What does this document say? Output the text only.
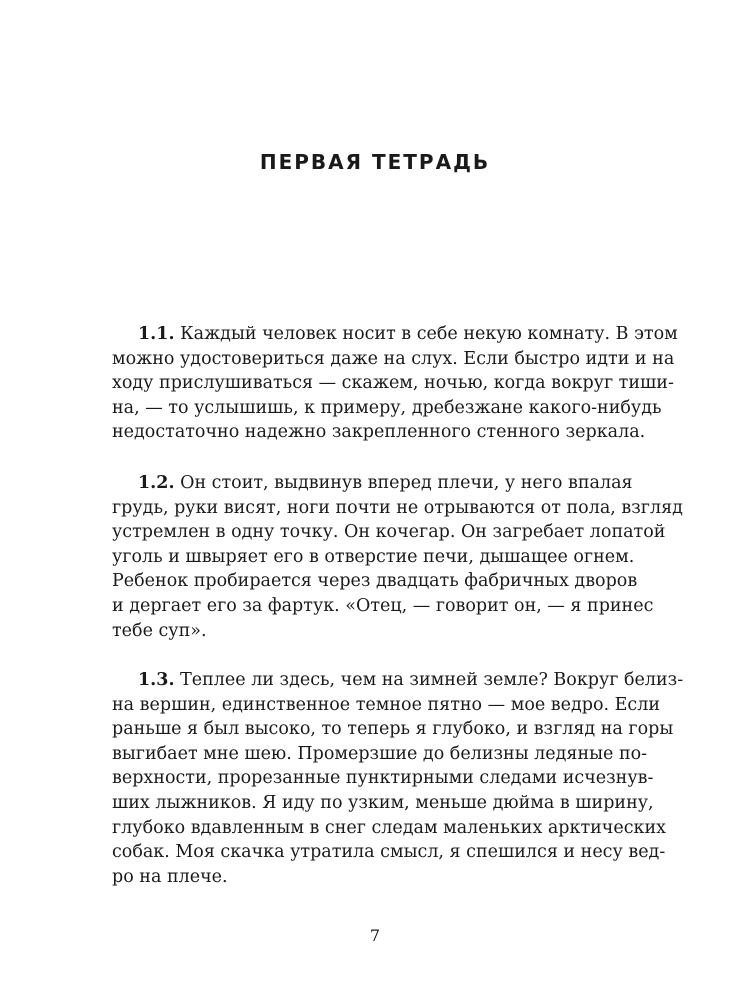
ПЕРВАЯ ТЕТРАДЬ

1.1. Каждый человек носит в себе некую комнату. В этом
можно удостовериться даже на слух. Если быстро идти и на
ходу прислушиваться — скажем, ночью, когда вокруг тиши-
на, — то услышишь, к примеру, дребезжане какого-нибудь
недостаточно надежно закрепленного стенного зеркала.

1.2. Он стоит, выдвинув вперед плечи, у него впалая
грудь, руки висят, ноги почти не отрываются от пола, взгляд
устремлен в одну точку. Он кочегар. Он загребает лопатой
уголь и швыряет его в отверстие печи, дышащее огнем.
Ребенок пробирается через двадцать фабричных дворов
и дергает его за фартук. «Отец, — говорит он, — я принес
тебе суп».

1.3. Теплее ли здесь, чем на зимней земле? Вокруг белиз-
на вершин, единственное темное пятно — мое ведро. Если
раньше я был высоко, то теперь я глубоко, и взгляд на горы
выгибает мне шею. Промерзшие до белизны ледяные по-
верхности, прорезанные пунктирными следами исчезнув-
ших лыжников. Я иду по узким, меньше дюйма в ширину,
глубоко вдавленным в снег следам маленьких арктических
собак. Моя скачка утратила смысл, я спешился и несу вед-
ро на плече.

7
